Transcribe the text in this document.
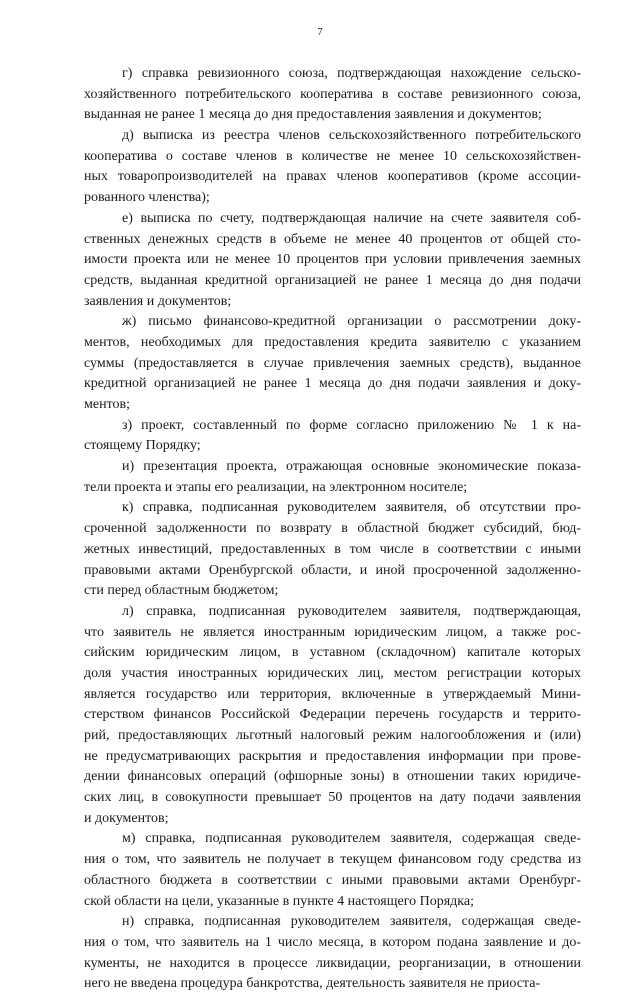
7
г) справка ревизионного союза, подтверждающая нахождение сельско-
хозяйственного потребительского кооператива в составе ревизионного союза,
выданная не ранее 1 месяца до дня предоставления заявления и документов;
д) выписка из реестра членов сельскохозяйственного потребительского
кооператива о составе членов в количестве не менее 10 сельскохозяйствен-
ных товаропроизводителей на правах членов кооперативов (кроме ассоции-
рованного членства);
е) выписка по счету, подтверждающая наличие на счете заявителя соб-
ственных денежных средств в объеме не менее 40 процентов от общей сто-
имости проекта или не менее 10 процентов при условии привлечения заемных
средств, выданная кредитной организацией не ранее 1 месяца до дня подачи
заявления и документов;
ж) письмо финансово-кредитной организации о рассмотрении доку-
ментов, необходимых для предоставления кредита заявителю с указанием
суммы (предоставляется в случае привлечения заемных средств), выданное
кредитной организацией не ранее 1 месяца до дня подачи заявления и доку-
ментов;
з) проект, составленный по форме согласно приложению № 1 к на-
стоящему Порядку;
и) презентация проекта, отражающая основные экономические показа-
тели проекта и этапы его реализации, на электронном носителе;
к) справка, подписанная руководителем заявителя, об отсутствии про-
сроченной задолженности по возврату в областной бюджет субсидий, бюд-
жетных инвестиций, предоставленных в том числе в соответствии с иными
правовыми актами Оренбургской области, и иной просроченной задолженно-
сти перед областным бюджетом;
л) справка, подписанная руководителем заявителя, подтверждающая,
что заявитель не является иностранным юридическим лицом, а также рос-
сийским юридическим лицом, в уставном (складочном) капитале которых
доля участия иностранных юридических лиц, местом регистрации которых
является государство или территория, включенные в утверждаемый Мини-
стерством финансов Российской Федерации перечень государств и террито-
рий, предоставляющих льготный налоговый режим налогообложения и (или)
не предусматривающих раскрытия и предоставления информации при прове-
дении финансовых операций (офшорные зоны) в отношении таких юридиче-
ских лиц, в совокупности превышает 50 процентов на дату подачи заявления
и документов;
м) справка, подписанная руководителем заявителя, содержащая сведе-
ния о том, что заявитель не получает в текущем финансовом году средства из
областного бюджета в соответствии с иными правовыми актами Оренбург-
ской области на цели, указанные в пункте 4 настоящего Порядка;
н) справка, подписанная руководителем заявителя, содержащая сведе-
ния о том, что заявитель на 1 число месяца, в котором подана заявление и до-
кументы, не находится в процессе ликвидации, реорганизации, в отношении
него не введена процедура банкротства, деятельность заявителя не приоста-
